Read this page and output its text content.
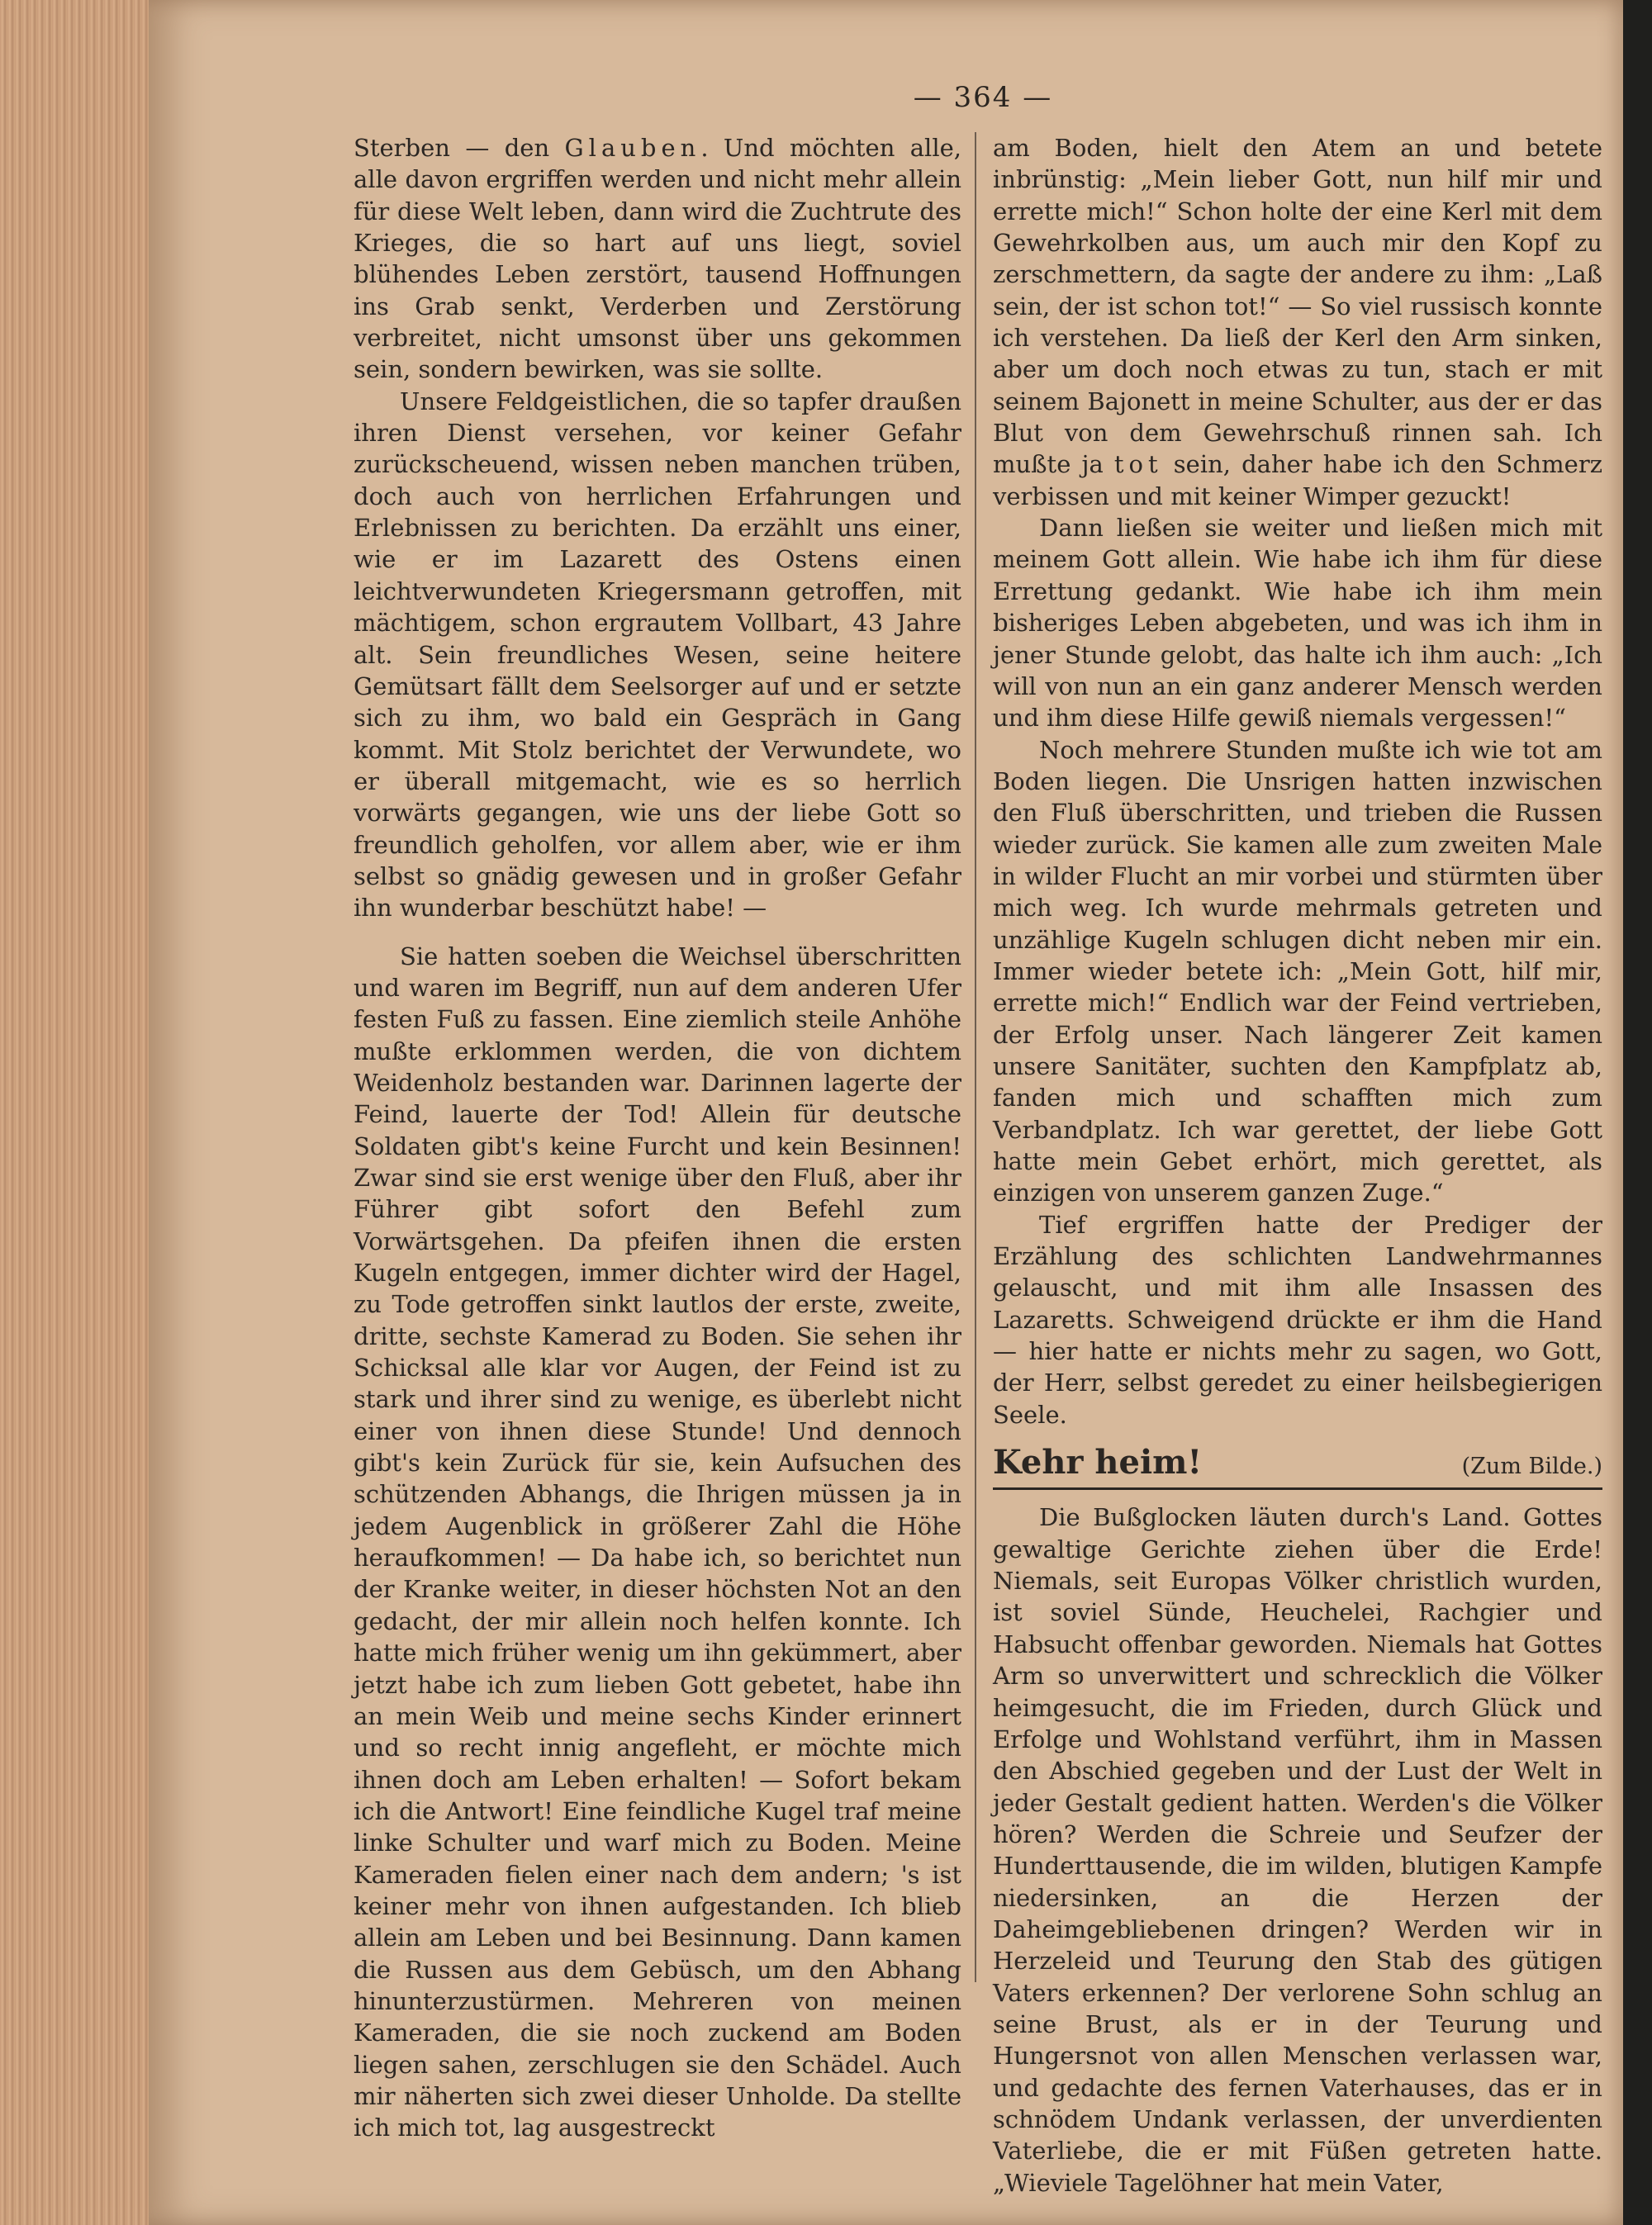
— 364 —

Sterben — den Glauben. Und möchten alle, alle davon ergriffen werden und nicht mehr allein für diese Welt leben, dann wird die Zuchtrute des Krieges, die so hart auf uns liegt, soviel blühendes Leben zerstört, tausend Hoffnungen ins Grab senkt, Verderben und Zerstörung verbreitet, nicht umsonst über uns gekommen sein, sondern bewirken, was sie sollte.

Unsere Feldgeistlichen, die so tapfer draußen ihren Dienst versehen, vor keiner Gefahr zurückscheuend, wissen neben manchen trüben, doch auch von herrlichen Erfahrungen und Erlebnissen zu berichten. Da erzählt uns einer, wie er im Lazarett des Ostens einen leichtverwundeten Kriegersmann getroffen, mit mächtigem, schon ergrautem Vollbart, 43 Jahre alt. Sein freundliches Wesen, seine heitere Gemütsart fällt dem Seelsorger auf und er setzte sich zu ihm, wo bald ein Gespräch in Gang kommt. Mit Stolz berichtet der Verwundete, wo er überall mitgemacht, wie es so herrlich vorwärts gegangen, wie uns der liebe Gott so freundlich geholfen, vor allem aber, wie er ihm selbst so gnädig gewesen und in großer Gefahr ihn wunderbar beschützt habe! —

Sie hatten soeben die Weichsel überschritten und waren im Begriff, nun auf dem anderen Ufer festen Fuß zu fassen. Eine ziemlich steile Anhöhe mußte erklommen werden, die von dichtem Weidenholz bestanden war. Darinnen lagerte der Feind, lauerte der Tod! Allein für deutsche Soldaten gibt's keine Furcht und kein Besinnen! Zwar sind sie erst wenige über den Fluß, aber ihr Führer gibt sofort den Befehl zum Vorwärtsgehen. Da pfeifen ihnen die ersten Kugeln entgegen, immer dichter wird der Hagel, zu Tode getroffen sinkt lautlos der erste, zweite, dritte, sechste Kamerad zu Boden. Sie sehen ihr Schicksal alle klar vor Augen, der Feind ist zu stark und ihrer sind zu wenige, es überlebt nicht einer von ihnen diese Stunde! Und dennoch gibt's kein Zurück für sie, kein Aufsuchen des schützenden Abhangs, die Ihrigen müssen ja in jedem Augenblick in größerer Zahl die Höhe heraufkommen! — Da habe ich, so berichtet nun der Kranke weiter, in dieser höchsten Not an den gedacht, der mir allein noch helfen konnte. Ich hatte mich früher wenig um ihn gekümmert, aber jetzt habe ich zum lieben Gott gebetet, habe ihn an mein Weib und meine sechs Kinder erinnert und so recht innig angefleht, er möchte mich ihnen doch am Leben erhalten! — Sofort bekam ich die Antwort! Eine feindliche Kugel traf meine linke Schulter und warf mich zu Boden. Meine Kameraden fielen einer nach dem andern; 's ist keiner mehr von ihnen aufgestanden. Ich blieb allein am Leben und bei Besinnung. Dann kamen die Russen aus dem Gebüsch, um den Abhang hinunterzustürmen. Mehreren von meinen Kameraden, die sie noch zuckend am Boden liegen sahen, zerschlugen sie den Schädel. Auch mir näherten sich zwei dieser Unholde. Da stellte ich mich tot, lag ausgestreckt

am Boden, hielt den Atem an und betete inbrünstig: „Mein lieber Gott, nun hilf mir und errette mich!“ Schon holte der eine Kerl mit dem Gewehrkolben aus, um auch mir den Kopf zu zerschmettern, da sagte der andere zu ihm: „Laß sein, der ist schon tot!“ — So viel russisch konnte ich verstehen. Da ließ der Kerl den Arm sinken, aber um doch noch etwas zu tun, stach er mit seinem Bajonett in meine Schulter, aus der er das Blut von dem Gewehrschuß rinnen sah. Ich mußte ja tot sein, daher habe ich den Schmerz verbissen und mit keiner Wimper gezuckt!

Dann ließen sie weiter und ließen mich mit meinem Gott allein. Wie habe ich ihm für diese Errettung gedankt. Wie habe ich ihm mein bisheriges Leben abgebeten, und was ich ihm in jener Stunde gelobt, das halte ich ihm auch: „Ich will von nun an ein ganz anderer Mensch werden und ihm diese Hilfe gewiß niemals vergessen!“

Noch mehrere Stunden mußte ich wie tot am Boden liegen. Die Unsrigen hatten inzwischen den Fluß überschritten, und trieben die Russen wieder zurück. Sie kamen alle zum zweiten Male in wilder Flucht an mir vorbei und stürmten über mich weg. Ich wurde mehrmals getreten und unzählige Kugeln schlugen dicht neben mir ein. Immer wieder betete ich: „Mein Gott, hilf mir, errette mich!“ Endlich war der Feind vertrieben, der Erfolg unser. Nach längerer Zeit kamen unsere Sanitäter, suchten den Kampfplatz ab, fanden mich und schafften mich zum Verbandplatz. Ich war gerettet, der liebe Gott hatte mein Gebet erhört, mich gerettet, als einzigen von unserem ganzen Zuge.“

Tief ergriffen hatte der Prediger der Erzählung des schlichten Landwehrmannes gelauscht, und mit ihm alle Insassen des Lazaretts. Schweigend drückte er ihm die Hand — hier hatte er nichts mehr zu sagen, wo Gott, der Herr, selbst geredet zu einer heilsbegierigen Seele.

Kehr heim!	(Zum Bilde.)

Die Bußglocken läuten durch's Land. Gottes gewaltige Gerichte ziehen über die Erde! Niemals, seit Europas Völker christlich wurden, ist soviel Sünde, Heuchelei, Rachgier und Habsucht offenbar geworden. Niemals hat Gottes Arm so unverwittert und schrecklich die Völker heimgesucht, die im Frieden, durch Glück und Erfolge und Wohlstand verführt, ihm in Massen den Abschied gegeben und der Lust der Welt in jeder Gestalt gedient hatten. Werden's die Völker hören? Werden die Schreie und Seufzer der Hunderttausende, die im wilden, blutigen Kampfe niedersinken, an die Herzen der Daheimgebliebenen dringen? Werden wir in Herzeleid und Teurung den Stab des gütigen Vaters erkennen? Der verlorene Sohn schlug an seine Brust, als er in der Teurung und Hungersnot von allen Menschen verlassen war, und gedachte des fernen Vaterhauses, das er in schnödem Undank verlassen, der unverdienten Vaterliebe, die er mit Füßen getreten hatte. „Wieviele Tagelöhner hat mein Vater,
